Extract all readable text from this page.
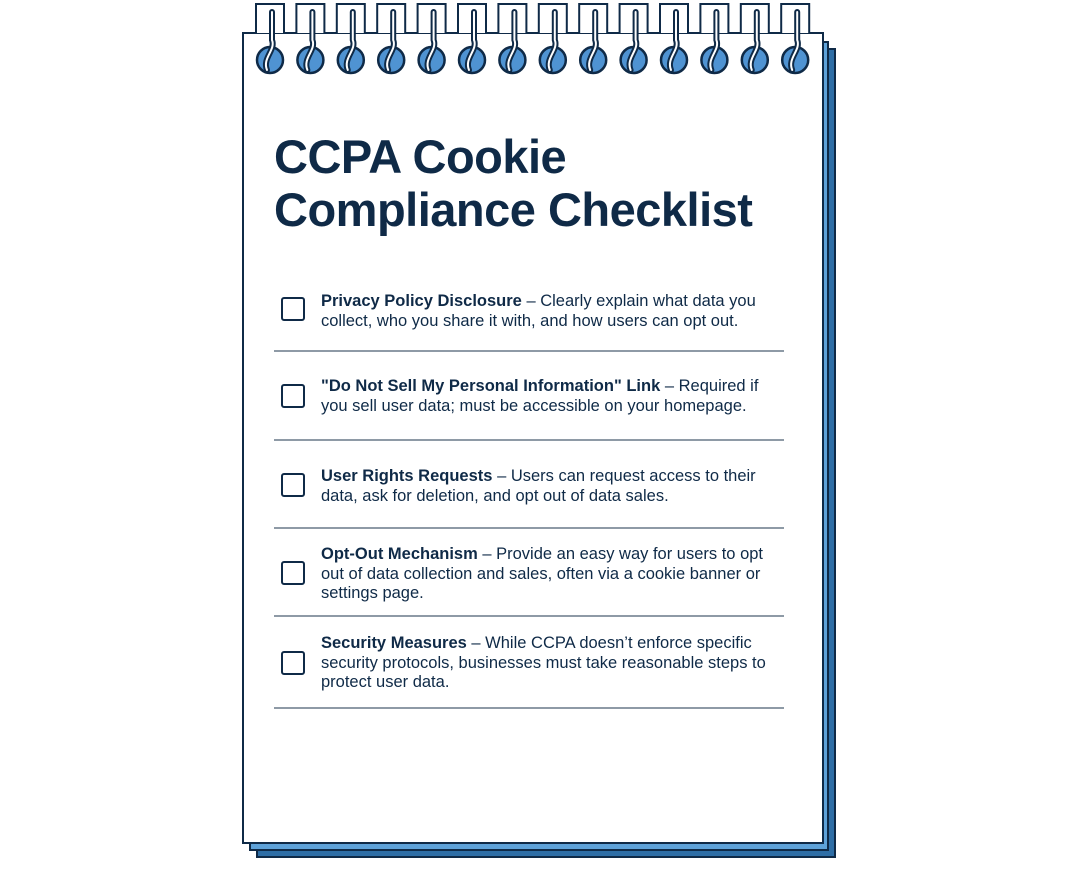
CCPA Cookie Compliance Checklist

Privacy Policy Disclosure – Clearly explain what data you collect, who you share it with, and how users can opt out.

"Do Not Sell My Personal Information" Link – Required if you sell user data; must be accessible on your homepage.

User Rights Requests – Users can request access to their data, ask for deletion, and opt out of data sales.

Opt-Out Mechanism – Provide an easy way for users to opt out of data collection and sales, often via a cookie banner or settings page.

Security Measures – While CCPA doesn’t enforce specific security protocols, businesses must take reasonable steps to protect user data.
